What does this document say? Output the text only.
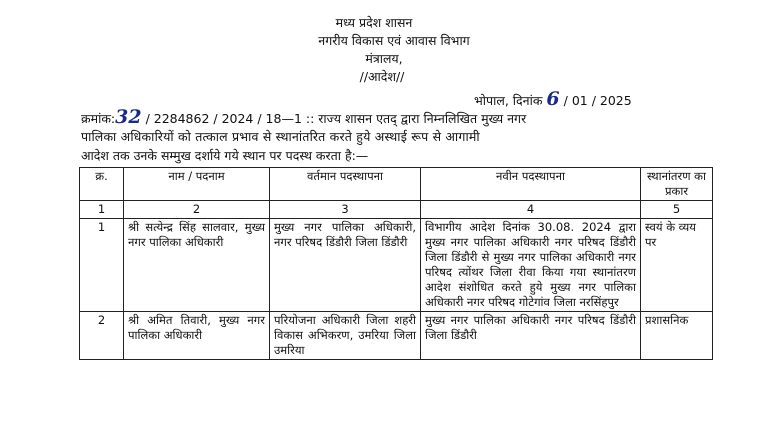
मध्य प्रदेश शासन
नगरीय विकास एवं आवास विभाग
मंत्रालय,
//आदेश//
भोपाल, दिनांक 6 / 01 / 2025
क्रमांक:32 / 2284862 / 2024 / 18—1 :: राज्य शासन एतद् द्वारा निम्नलिखित मुख्य नगर
पालिका अधिकारियों को तत्काल प्रभाव से स्थानांतरित करते हुये अस्थाई रूप से आगामी
आदेश तक उनके सम्मुख दर्शाये गये स्थान पर पदस्थ करता है:—
क्र.	नाम / पदनाम	वर्तमान पदस्थापना	नवीन पदस्थापना	स्थानांतरण का प्रकार
1	2	3	4	5
1	श्री सत्येन्द्र सिंह सालवार, मुख्य नगर पालिका अधिकारी	मुख्य नगर पालिका अधिकारी, नगर परिषद डिंडौरी जिला डिंडौरी	विभागीय आदेश दिनांक 30.08. 2024 द्वारा मुख्य नगर पालिका अधिकारी नगर परिषद डिंडौरी जिला डिंडौरी से मुख्य नगर पालिका अधिकारी नगर परिषद त्योंथर जिला रीवा किया गया स्थानांतरण आदेश संशोधित करते हुये मुख्य नगर पालिका अधिकारी नगर परिषद गोटेगांव जिला नरसिंहपुर	स्वयं के व्यय पर
2	श्री अमित तिवारी, मुख्य नगर पालिका अधिकारी	परियोजना अधिकारी जिला शहरी विकास अभिकरण, उमरिया जिला उमरिया	मुख्य नगर पालिका अधिकारी नगर परिषद डिंडौरी जिला डिंडौरी	प्रशासनिक
